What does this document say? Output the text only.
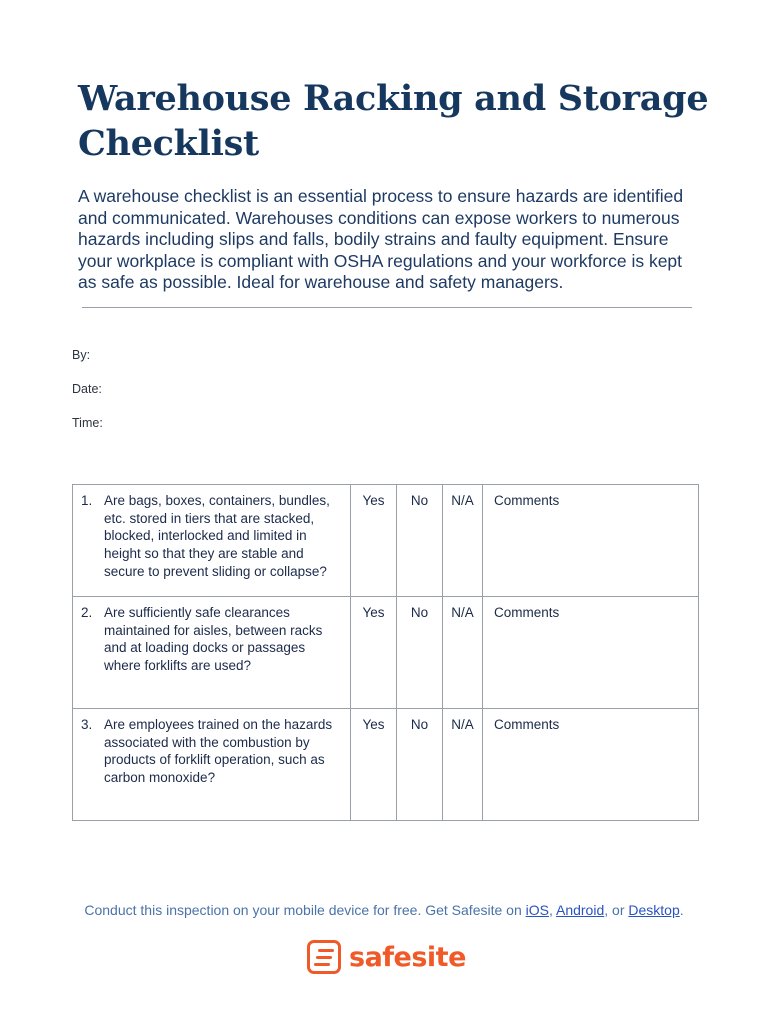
Warehouse Racking and Storage Checklist

A warehouse checklist is an essential process to ensure hazards are identified and communicated. Warehouses conditions can expose workers to numerous hazards including slips and falls, bodily strains and faulty equipment. Ensure your workplace is compliant with OSHA regulations and your workforce is kept as safe as possible. Ideal for warehouse and safety managers.

By:
Date:
Time:
1. Are bags, boxes, containers, bundles, etc. stored in tiers that are stacked, blocked, interlocked and limited in height so that they are stable and secure to prevent sliding or collapse?	Yes	No	N/A	Comments

2. Are sufficiently safe clearances maintained for aisles, between racks and at loading docks or passages where forklifts are used?	Yes	No	N/A	Comments

3. Are employees trained on the hazards associated with the combustion by products of forklift operation, such as carbon monoxide?	Yes	No	N/A	Comments
Conduct this inspection on your mobile device for free. Get Safesite on iOS, Android, or Desktop.
safesite
